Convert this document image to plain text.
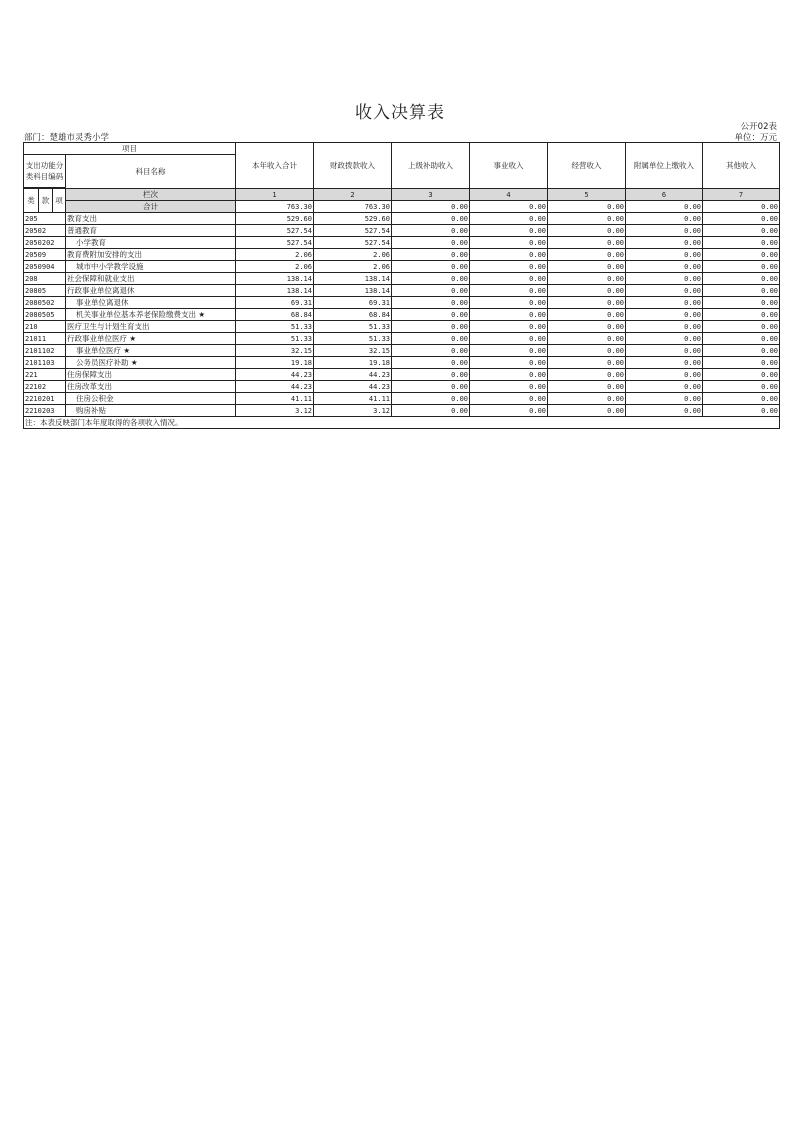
收入决算表
公开02表
部门：楚雄市灵秀小学	单位：万元
项目				本年收入合计	财政拨款收入	上级补助收入	事业收入	经营收入	附属单位上缴收入	其他收入
支出功能分类科目编码			科目名称							

类	款	项	栏次	1	2	3	4	5	6	7
			合计	763.30	763.30	0.00	0.00	0.00	0.00	0.00
205			教育支出	529.60	529.60	0.00	0.00	0.00	0.00	0.00
20502			普通教育	527.54	527.54	0.00	0.00	0.00	0.00	0.00
2050202			小学教育	527.54	527.54	0.00	0.00	0.00	0.00	0.00
20509			教育费附加安排的支出	2.06	2.06	0.00	0.00	0.00	0.00	0.00
2050904			城市中小学教学设施	2.06	2.06	0.00	0.00	0.00	0.00	0.00
208			社会保障和就业支出	138.14	138.14	0.00	0.00	0.00	0.00	0.00
20805			行政事业单位离退休	138.14	138.14	0.00	0.00	0.00	0.00	0.00
2080502			事业单位离退休	69.31	69.31	0.00	0.00	0.00	0.00	0.00
2080505			机关事业单位基本养老保险缴费支出 ★	68.84	68.84	0.00	0.00	0.00	0.00	0.00
210			医疗卫生与计划生育支出	51.33	51.33	0.00	0.00	0.00	0.00	0.00
21011			行政事业单位医疗 ★	51.33	51.33	0.00	0.00	0.00	0.00	0.00
2101102			事业单位医疗 ★	32.15	32.15	0.00	0.00	0.00	0.00	0.00
2101103			公务员医疗补助 ★	19.18	19.18	0.00	0.00	0.00	0.00	0.00
221			住房保障支出	44.23	44.23	0.00	0.00	0.00	0.00	0.00
22102			住房改革支出	44.23	44.23	0.00	0.00	0.00	0.00	0.00
2210201			住房公积金	41.11	41.11	0.00	0.00	0.00	0.00	0.00
2210203			购房补贴	3.12	3.12	0.00	0.00	0.00	0.00	0.00
注：本表反映部门本年度取得的各项收入情况。										
